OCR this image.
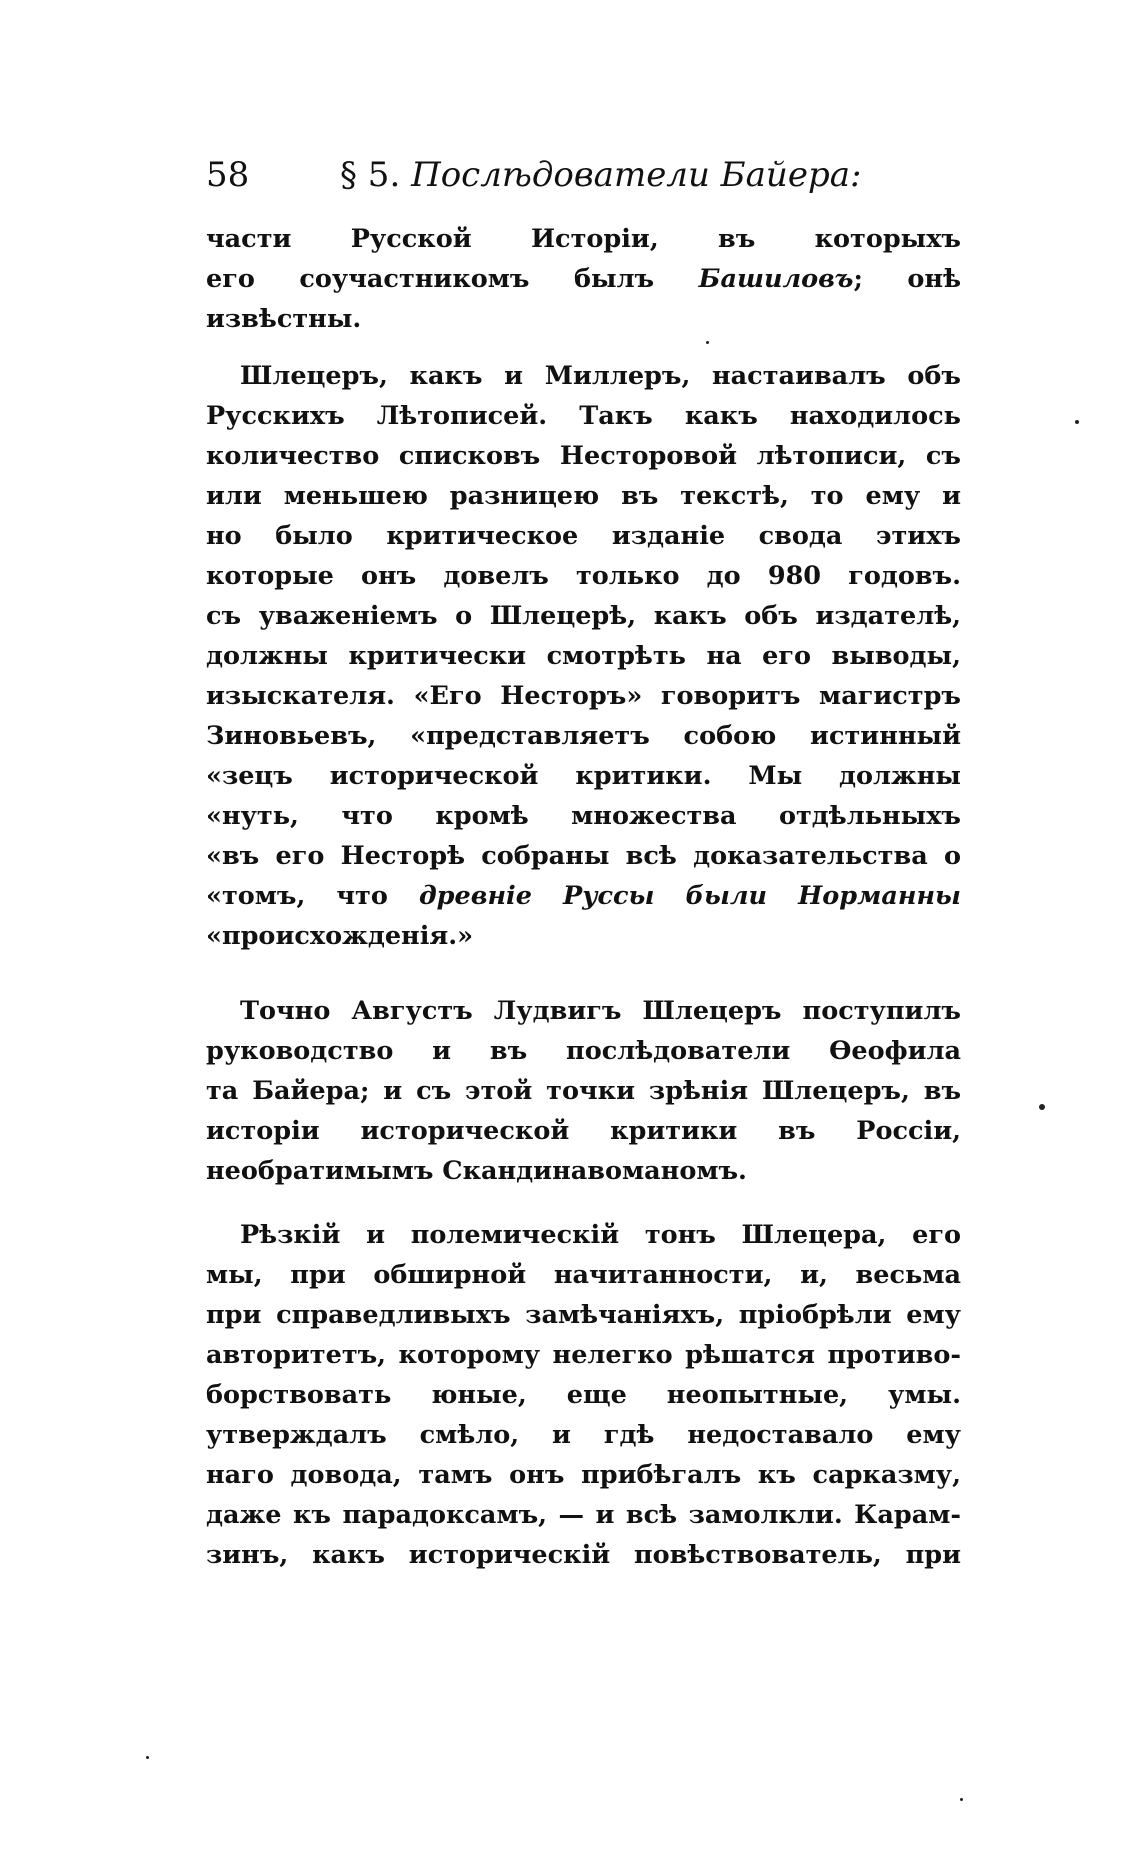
58	§ 5. Послѣдователи Байера:
части Русской Исторіи, въ которыхъ
его соучастникомъ былъ Башиловъ; онѣ
извѣстны.
Шлецеръ, какъ и Миллеръ, настаивалъ объ
Русскихъ Лѣтописей. Такъ какъ находилось
количество списковъ Несторовой лѣтописи, съ
или меньшею разницею въ текстѣ, то ему и
но было критическое изданіе свода этихъ
которые онъ довелъ только до 980 годовъ.
съ уваженіемъ о Шлецерѣ, какъ объ издателѣ,
должны критически смотрѣть на его выводы,
изыскателя. «Его Несторъ» говоритъ магистръ
Зиновьевъ, «представляетъ собою истинный
«зецъ исторической критики. Мы должны
«нуть, что кромѣ множества отдѣльныхъ
«въ его Несторѣ собраны всѣ доказательства о
«томъ, что древніе Руссы были Норманны
«происхожденія.»
Точно Августъ Лудвигъ Шлецеръ поступилъ
руководство и въ послѣдователи Ѳеофила
та Байера; и съ этой точки зрѣнія Шлецеръ, въ
исторіи исторической критики въ Россіи,
необратимымъ Скандинавоманомъ.
Рѣзкій и полемическій тонъ Шлецера, его
мы, при обширной начитанности, и, весьма
при справедливыхъ замѣчаніяхъ, пріобрѣли ему
авторитетъ, которому нелегко рѣшатся противо-
борствовать юные, еще неопытные, умы.
утверждалъ смѣло, и гдѣ недоставало ему
наго довода, тамъ онъ прибѣгалъ къ сарказму,
даже къ парадоксамъ, — и всѣ замолкли. Карам-
зинъ, какъ историческій повѣствователь, при
